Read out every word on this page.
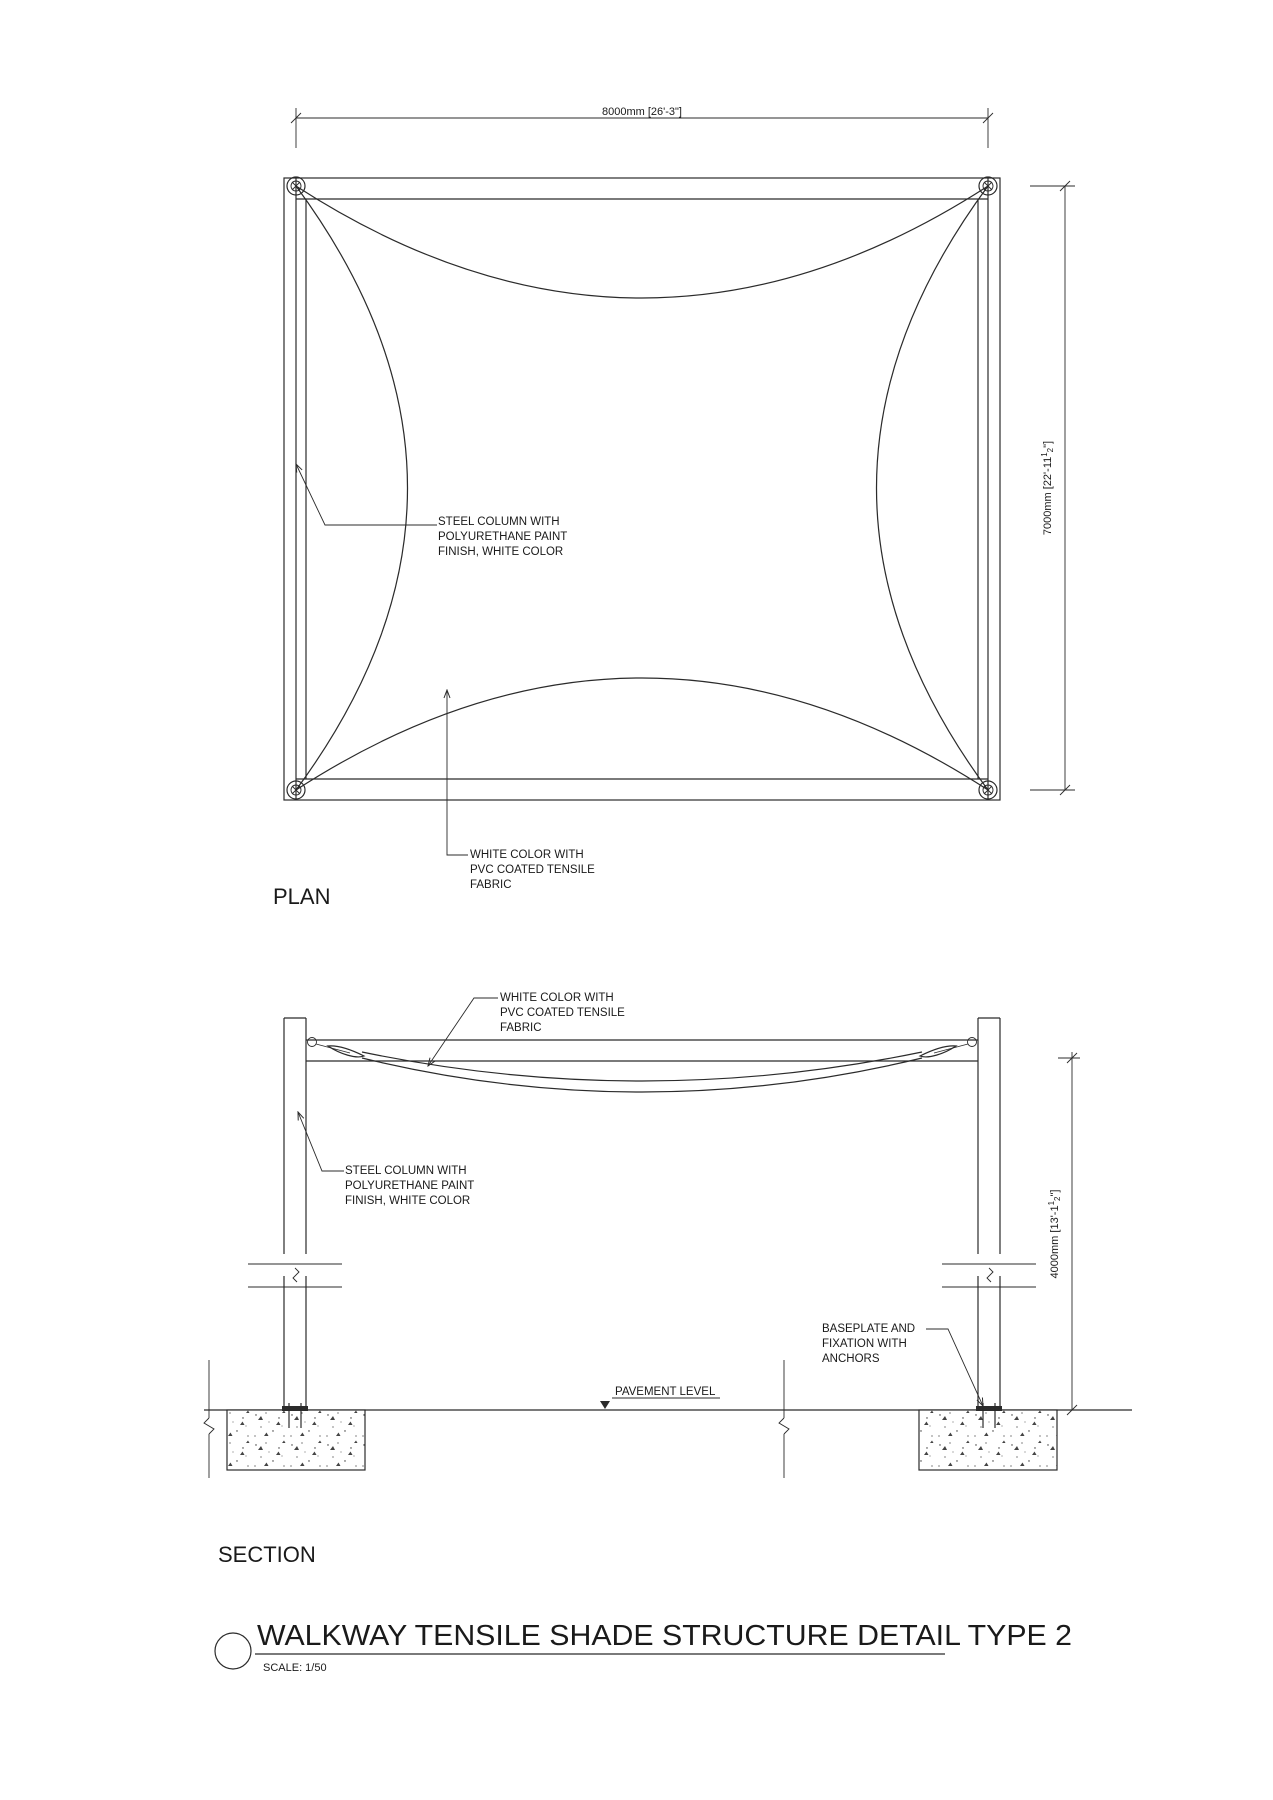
8000mm [26'-3"]
7000mm $[22'-11^1_2"]$
STEEL COLUMN WITH
POLYURETHANE PAINT
FINISH, WHITE COLOR
WHITE COLOR WITH
PVC COATED TENSILE
FABRIC
PLAN
WHITE COLOR WITH
PVC COATED TENSILE
FABRIC
STEEL COLUMN WITH
POLYURETHANE PAINT
FINISH, WHITE COLOR
BASEPLATE AND
FIXATION WITH
ANCHORS
4000mm $[13'-1^1_2"]$
PAVEMENT LEVEL
SECTION
WALKWAY TENSILE SHADE STRUCTURE DETAIL TYPE 2
SCALE: 1/50
